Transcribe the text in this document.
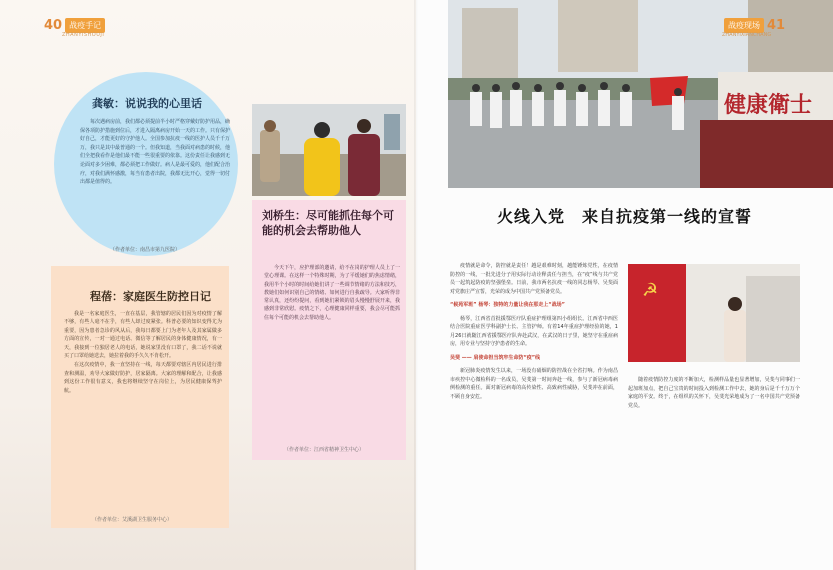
40 战疫手记
ZHANYISHOUJI
龚敏：说说我的心里话

每次遇病房前，我们都必须提前半小时严格穿戴好防护用品，确保各项防护措施到位后，才进入隔离病房开始一天的工作。只有保护好自己，才能更好的守护他人。全国参加抗疫一线的医护人员千千万万，我只是其中最普通的一个。但我知道，当我面对病患的时候，他们全把我看作是他们最不能一些很重要的依靠。这份责任让我感到无论面对多少困难，都必须把工作做好。病人是最可爱的，他们配合治疗，对我们满怀感激，每当有患者出院，我都无比开心，觉得一切付出都是值得的。

（作者单位：南昌市第九医院）
程蓓：家庭医生防控日记

我是一名家庭医生，一直在基层，我管辖的居民们因为对疫情了解不够，有些人毫不在乎，有些人却过度紧张。科普必要的知识变得尤为重要，因为患者急诊的风从后，我每日都要上门为老年人及其家属做多方面的宣传，一对一通过电话、微信等了解居民的身体健康情况，有一天，我接到一位独居老人的电话，她说家里没有口罩了，我二话不说就买了口罩给她送去，她拉着我的手久久不肯松开。

在这次疫情中，我一直坚持在一线，每天都要对辖区内居民进行排查和测温，劝导大家做好防护，居家隔离。大家的理解和配合，让我感到这份工作很有意义，我也将继续坚守在岗位上，为居民健康保驾护航。

（作者单位：艾溪湖卫生服务中心）
刘桥生：尽可能抓住每个可能的机会去帮助他人

今天下午，应护理部的邀请，给不在岗的护理人员上了一堂心理课。在这样一个特殊时期，为了平缓她们的焦虑情绪，我用半个小时的时间给她们讲了一些调节情绪的方法和技巧，教她们如何识别自己的情绪、如何进行自我疏导。大家听得非常认真，还纷纷提问，看到她们紧锁的眉头慢慢舒展开来，我感到非常欣慰。疫情之下，心理健康同样重要，我会尽可能抓住每个可能的机会去帮助他人。

（作者单位：江西省精神卫生中心）
健康衛士
战疫现场 41
ZHANYIXIANCHANG
火线入党　来自抗疫第一线的宣誓

疫情就是命令，防控就是责任！越是艰难时刻，越能锤炼党性，在疫情防控的一线，一批先进分子用实际行动诠释责任与担当，在“疫”线与共产党员一起筑起防疫的坚强堡垒。日前，我市两名抗疫一线的同志杨琴、吴斐面对党旗庄严宣誓，光荣的成为中国共产党预备党员。

“候苑军班” 杨琴：独特的力量让我在那走上“战场”

杨琴，江西省首批援鄂医疗队重症护理组第四小组组长。江西省中西医结合医院重症医学科副护士长、主管护师。有着14年重症护理经验的她，1月26日就随江西省援鄂医疗队奔赴武汉，在武汉的日子里，她坚守在重症病房，用专业与坚持守护患者的生命。

吴斐 —— 肩使命担当筑牢生命防“疫”线

新冠肺炎疫情发生以来，一场没有硝烟的防控战在全省打响。作为南昌市疾控中心微检科的一名成员，吴斐第一时间奔赴一线，参与了新冠病毒病例检测的重任。面对新冠病毒的高传染性、高致病性威胁，吴斐冲在前面，不顾自身安危。

☭

随着疫情防控力度的不断加大，检测样品量也显著增加，吴斐与同事们一起加班加点，把自己宝贵的时间投入到检测工作中去，她的身后是千千万万个家庭的平安。终于，在组织的关怀下，吴斐光荣地成为了一名中国共产党预备党员。
